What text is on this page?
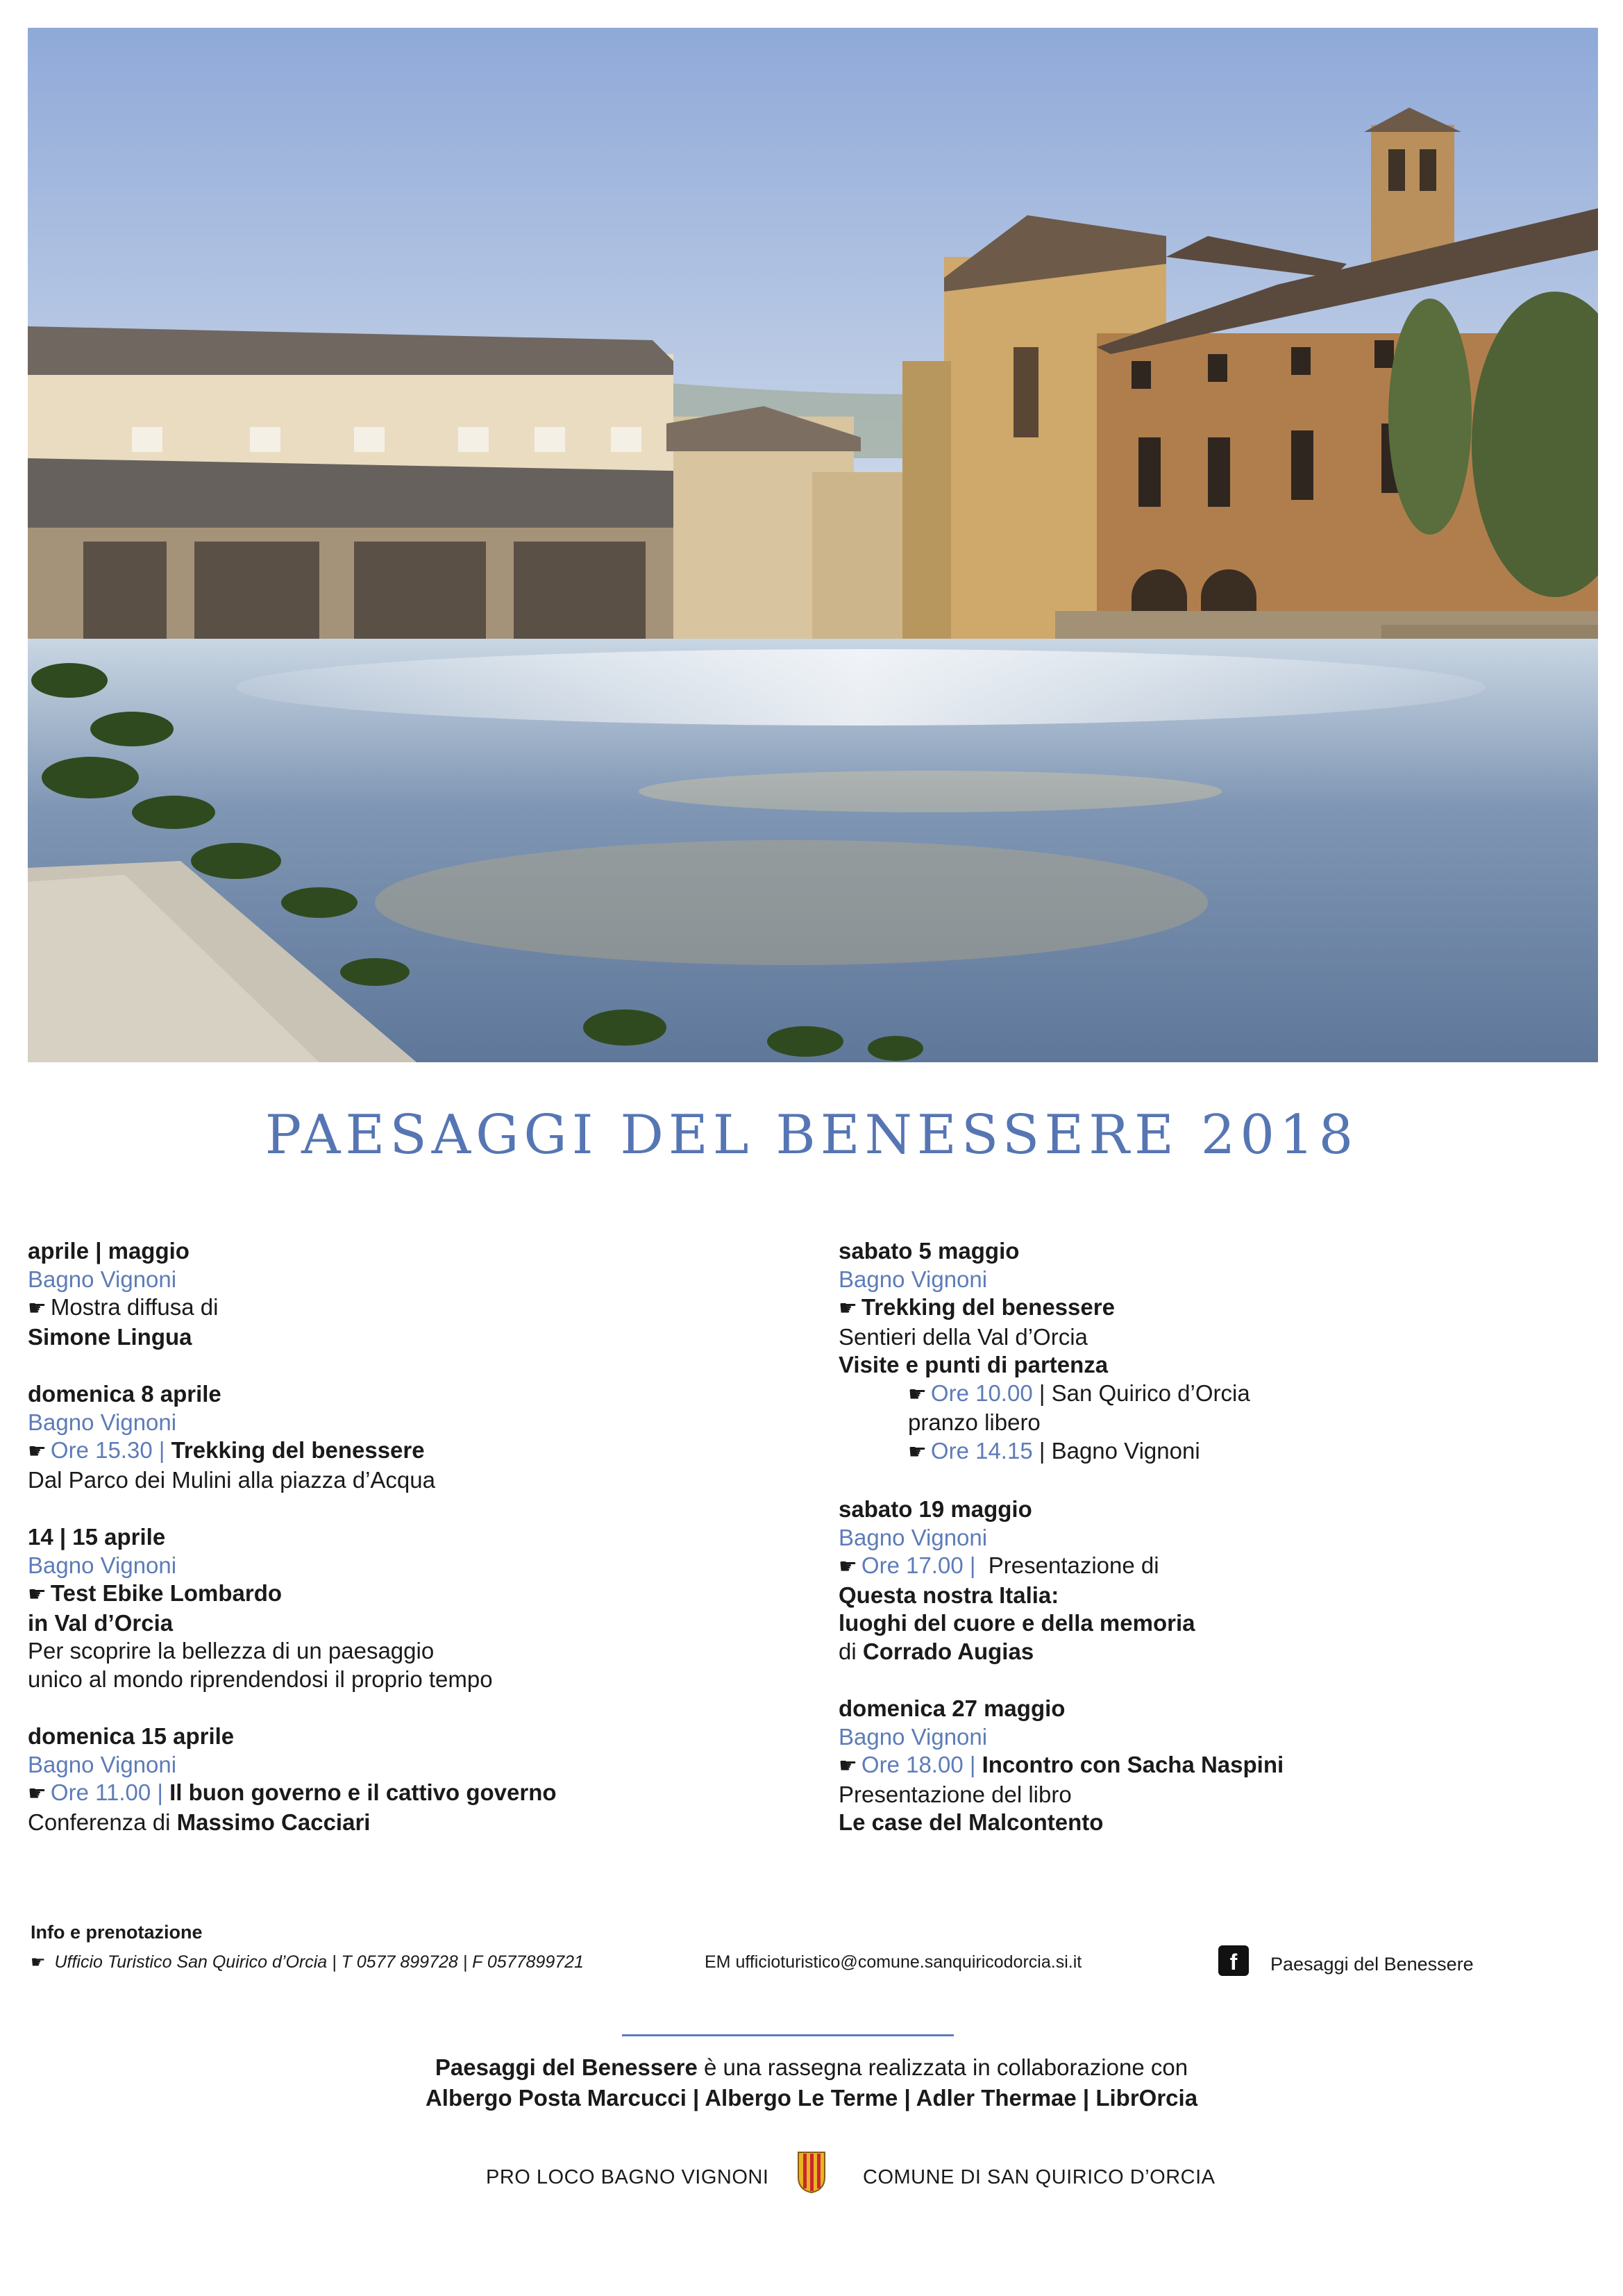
PAESAGGI DEL BENESSERE 2018
aprile | maggio
Bagno Vignoni
☛ Mostra diffusa di
Simone Lingua
domenica 8 aprile
Bagno Vignoni
☛ Ore 15.30 | Trekking del benessere
Dal Parco dei Mulini alla piazza d’Acqua
14 | 15 aprile
Bagno Vignoni
☛ Test Ebike Lombardo
in Val d’Orcia
Per scoprire la bellezza di un paesaggio
unico al mondo riprendendosi il proprio tempo
domenica 15 aprile
Bagno Vignoni
☛ Ore 11.00 | Il buon governo e il cattivo governo
Conferenza di Massimo Cacciari
sabato 5 maggio
Bagno Vignoni
☛ Trekking del benessere
Sentieri della Val d’Orcia
Visite e punti di partenza
☛ Ore 10.00 | San Quirico d’Orcia
pranzo libero
☛ Ore 14.15 | Bagno Vignoni
sabato 19 maggio
Bagno Vignoni
☛ Ore 17.00 | Presentazione di
Questa nostra Italia:
luoghi del cuore e della memoria
di Corrado Augias
domenica 27 maggio
Bagno Vignoni
☛ Ore 18.00 | Incontro con Sacha Naspini
Presentazione del libro
Le case del Malcontento
Info e prenotazione
☛ Ufficio Turistico San Quirico d’Orcia | T 0577 899728 | F 0577899721	EM ufficioturistico@comune.sanquiricodorcia.si.it	f	Paesaggi del Benessere
Paesaggi del Benessere è una rassegna realizzata in collaborazione con
Albergo Posta Marcucci | Albergo Le Terme | Adler Thermae | LibrOrcia
PRO LOCO BAGNO VIGNONI	COMUNE DI SAN QUIRICO D’ORCIA
